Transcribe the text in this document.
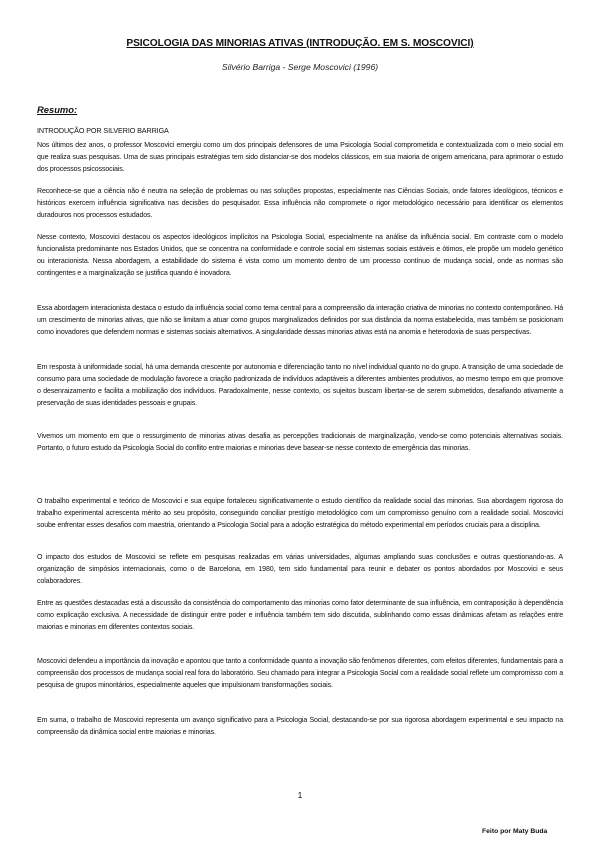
PSICOLOGIA DAS MINORIAS ATIVAS (INTRODUÇÃO. EM S. MOSCOVICI)
Silvério Barriga - Serge Moscovici (1996)
Resumo:
INTRODUÇÃO POR SILVERIO BARRIGA

Nos últimos dez anos, o professor Moscovici emergiu como um dos principais defensores de uma Psicologia Social comprometida e contextualizada com o meio social em que realiza suas pesquisas. Uma de suas principais estratégias tem sido distanciar-se dos modelos clássicos, em sua maioria de origem americana, para aprimorar o estudo dos processos psicossociais.

Reconhece-se que a ciência não é neutra na seleção de problemas ou nas soluções propostas, especialmente nas Ciências Sociais, onde fatores ideológicos, técnicos e históricos exercem influência significativa nas decisões do pesquisador. Essa influência não compromete o rigor metodológico necessário para identificar os elementos duradouros nos processos estudados.

Nesse contexto, Moscovici destacou os aspectos ideológicos implícitos na Psicologia Social, especialmente na análise da influência social. Em contraste com o modelo funcionalista predominante nos Estados Unidos, que se concentra na conformidade e controle social em sistemas sociais estáveis e ótimos, ele propõe um modelo genético ou interacionista. Nessa abordagem, a estabilidade do sistema é vista como um momento dentro de um processo contínuo de mudança social, onde as normas são contingentes e a marginalização se justifica quando é inovadora.

Essa abordagem interacionista destaca o estudo da influência social como tema central para a compreensão da interação criativa de minorias no contexto contemporâneo. Há um crescimento de minorias ativas, que não se limitam a atuar como grupos marginalizados definidos por sua distância da norma estabelecida, mas também se posicionam como inovadores que defendem normas e sistemas sociais alternativos. A singularidade dessas minorias ativas está na anomia e heterodoxia de suas perspectivas.

Em resposta à uniformidade social, há uma demanda crescente por autonomia e diferenciação tanto no nível individual quanto no do grupo. A transição de uma sociedade de consumo para uma sociedade de modulação favorece a criação padronizada de indivíduos adaptáveis a diferentes ambientes produtivos, ao mesmo tempo em que promove o desenraizamento e facilita a mobilização dos indivíduos. Paradoxalmente, nesse contexto, os sujeitos buscam libertar-se de serem submetidos, desafiando ativamente a preservação de suas identidades pessoais e grupais.

Vivemos um momento em que o ressurgimento de minorias ativas desafia as percepções tradicionais de marginalização, vendo-se como potenciais alternativas sociais. Portanto, o futuro estudo da Psicologia Social do conflito entre maiorias e minorias deve basear-se nesse contexto de emergência das minorias.

O trabalho experimental e teórico de Moscovici e sua equipe fortaleceu significativamente o estudo científico da realidade social das minorias. Sua abordagem rigorosa do trabalho experimental acrescenta mérito ao seu propósito, conseguindo conciliar prestígio metodológico com um compromisso genuíno com a realidade social. Moscovici soube enfrentar esses desafios com maestria, orientando a Psicologia Social para a adoção estratégica do método experimental em períodos cruciais para a disciplina.

O impacto dos estudos de Moscovici se reflete em pesquisas realizadas em várias universidades, algumas ampliando suas conclusões e outras questionando-as. A organização de simpósios internacionais, como o de Barcelona, em 1980, tem sido fundamental para reunir e debater os pontos abordados por Moscovici e seus colaboradores.

Entre as questões destacadas está a discussão da consistência do comportamento das minorias como fator determinante de sua influência, em contraposição à dependência como explicação exclusiva. A necessidade de distinguir entre poder e influência também tem sido discutida, sublinhando como essas dinâmicas afetam as relações entre maiorias e minorias em diferentes contextos sociais.

Moscovici defendeu a importância da inovação e apontou que tanto a conformidade quanto a inovação são fenômenos diferentes, com efeitos diferentes, fundamentais para a compreensão dos processos de mudança social real fora do laboratório. Seu chamado para integrar a Psicologia Social com a realidade social reflete um compromisso com a pesquisa de grupos minoritários, especialmente aqueles que impulsionam transformações sociais.

Em suma, o trabalho de Moscovici representa um avanço significativo para a Psicologia Social, destacando-se por sua rigorosa abordagem experimental e seu impacto na compreensão da dinâmica social entre maiorias e minorias.

1
Feito por Maty Buda
